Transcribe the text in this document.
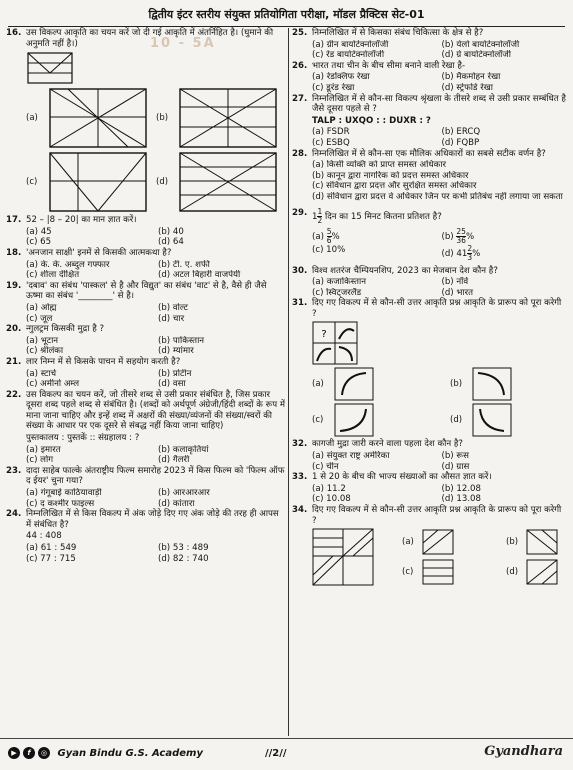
द्वितीय इंटर स्तरीय संयुक्त प्रतियोगिता परीक्षा, मॉडल प्रैक्टिस सेट-01
10 - 5A
16. उस विकल्प आकृति का चयन करें जो दी गई आकृति में अंतर्निहित है। (घुमाने की अनुमति नहीं है।)
(a)	(b)
(c)	(d)
17. 52 – |8 – 20| का मान ज्ञात करें।
(a) 45	(b) 40
(c) 65	(d) 64
18. 'अनजान साक्षी' इनमें से किसकी आत्मकथा है?
(a) के. के. अब्दुल गफ्फार	(b) टी. ए. शफी
(c) शीला दीक्षित	(d) अटल बिहारी वाजपेयी
19. 'दबाव' का संबंध 'पास्कल' से है और विद्युत' का संबंध 'वाट' से है, वैसे ही जैसे ऊष्मा का संबंध '________' से है।
(a) ओह्म	(b) वोल्ट
(c) जूल	(d) चार
20. न्गुलट्रम किसकी मुद्रा है ?
(a) भूटान	(b) पाकिस्तान
(c) श्रीलंका	(d) म्यांमार
21. लार निम्न में से किसके पाचन में सहयोग करती है?
(a) स्टार्च	(b) प्रोटीन
(c) अमीनो अम्ल	(d) वसा
22. उस विकल्प का चयन करें, जो तीसरे शब्द से उसी प्रकार संबंधित है, जिस प्रकार दूसरा शब्द पहले शब्द से संबंधित है। (शब्दों को अर्थपूर्ण अंग्रेजी/हिंदी शब्दों के रूप में माना जाना चाहिए और इन्हें शब्द में अक्षरों की संख्या/व्यंजनों की संख्या/स्वरों की संख्या के आधार पर एक दूसरे से संबद्ध नहीं किया जाना चाहिए)
पुस्तकालय : पुस्तकें :: संग्रहालय : ?
(a) इमारत	(b) कलाकृतियां
(c) लोग	(d) गैलरी
23. दादा साहेब फाल्के अंतराष्ट्रीय फिल्म समारोह 2023 में किस फिल्म को 'फिल्म ऑफ द ईयर' चुना गया?
(a) गंगूबाई काठियावाड़ी	(b) आरआरआर
(c) द कश्मीर फाइल्स	(d) कांतारा
24. निम्नलिखित में से किस विकल्प में अंक जोड़े दिए गए अंक जोड़े की तरह ही आपस में संबंधित है?
44 : 408
(a) 61 : 549	(b) 53 : 489
(c) 77 : 715	(d) 82 : 740
25. निम्नलिखित में से किसका संबंध चिकित्सा के क्षेत्र से है?
(a) ग्रीन बायोटेक्नोलॉजी	(b) येलो बायोटेक्नोलॉजी
(c) रेड बायोटेक्नोलॉजी	(d) ग्रे बायोटेक्नोलॉजी
26. भारत तथा चीन के बीच सीमा बनाने वाली रेखा है-
(a) रेडक्लिफ रेखा	(b) मैकमोहन रेखा
(c) डूरंड रेखा	(d) स्ट्रेफोर्ड रेखा
27. निम्नलिखित में से कौन-सा विकल्प श्रृंखला के तीसरे शब्द से उसी प्रकार सम्बंधित है जैसे दूसरा पहले से ?
TALP : UXQO : : DUXR : ?
(a) FSDR	(b) ERCQ
(c) ESBQ	(d) FQBP
28. निम्नलिखित में से कौन-सा एक मौलिक अधिकारों का सबसे सटीक वर्णन है?
(a) किसी व्यक्ति को प्राप्त समस्त अधिकार
(b) कानून द्वारा नागरिक को प्रदत्त समस्त अधिकार
(c) संविधान द्वारा प्रदत्त और सुरक्षित समस्त अधिकार
(d) संविधान द्वारा प्रदत्त वे अधिकार जिन पर कभी प्रतिबंध नहीं लगाया जा सकता
29. $1 \frac{1}{2}$ दिन का 15 मिनट कितना प्रतिशत है?
$(a) \frac{5}{6}$ %	$(b) \frac{25}{36}$ %
(c) 10%	(d) $41 \frac{2}{3}$ %
30. विश्व शतरंज चैम्पियनशिप, 2023 का मेजबान देश कौन है?
(a) कजाकिस्तान	(b) नॉर्वे
(c) स्विट्जरलैंड	(d) भारत
31. दिए गए विकल्प में से कौन-सी उत्तर आकृति प्रश्न आकृति के प्रारूप को पूरा करेगी ?
?
(a)	(b)
(c)	(d)
32. कागजी मुद्रा जारी करने वाला पहला देश कौन है?
(a) संयुक्त राष्ट्र अमेरिका	(b) रूस
(c) चीन	(d) ग्रास
33. 1 से 20 के बीच की भाज्य संख्याओं का औसत ज्ञात करें।
(a) 11.2	(b) 12.08
(c) 10.08	(d) 13.08
34. दिए गए विकल्प में से कौन-सी उत्तर आकृति प्रश्न आकृति के प्रारूप को पूरा करेगी ?
(a)	(b)
(c)	(d)
▶	f	◎ Gyan Bindu G.S. Academy	//2//	Gyandhara
